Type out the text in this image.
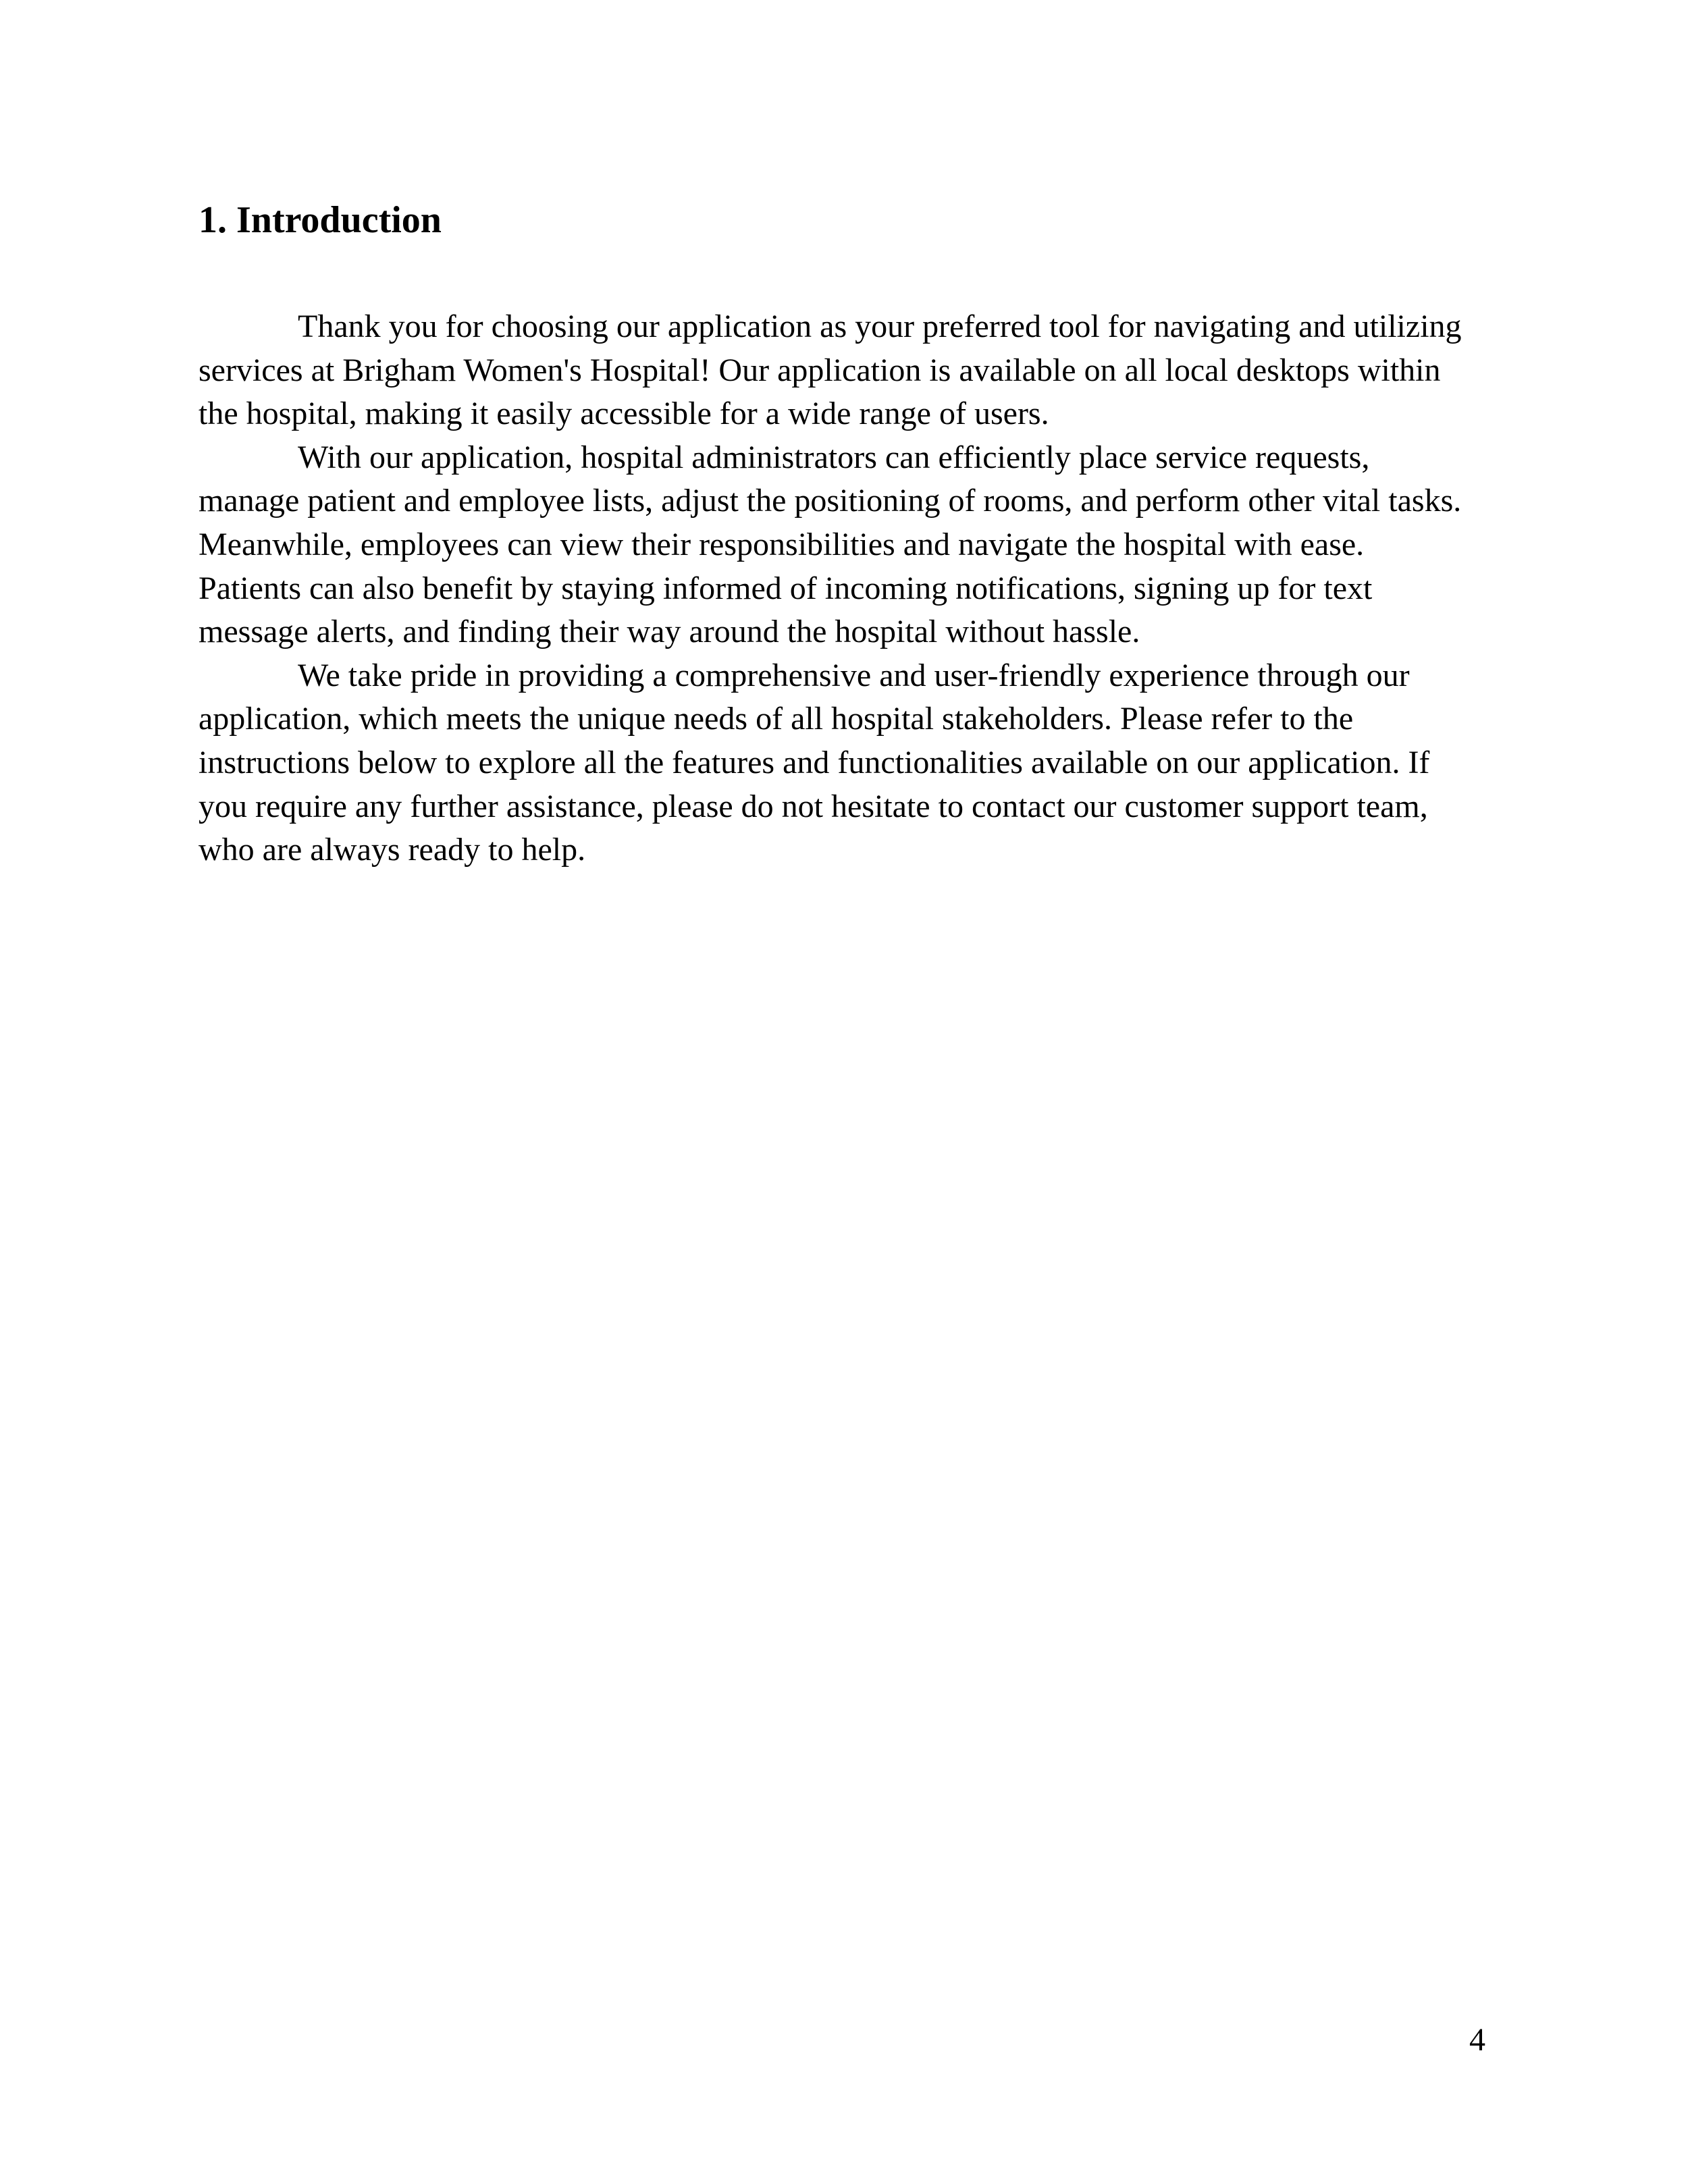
1. Introduction
Thank you for choosing our application as your preferred tool for navigating and utilizing
services at Brigham Women's Hospital! Our application is available on all local desktops within
the hospital, making it easily accessible for a wide range of users.
With our application, hospital administrators can efficiently place service requests,
manage patient and employee lists, adjust the positioning of rooms, and perform other vital tasks.
Meanwhile, employees can view their responsibilities and navigate the hospital with ease.
Patients can also benefit by staying informed of incoming notifications, signing up for text
message alerts, and finding their way around the hospital without hassle.
We take pride in providing a comprehensive and user-friendly experience through our
application, which meets the unique needs of all hospital stakeholders. Please refer to the
instructions below to explore all the features and functionalities available on our application. If
you require any further assistance, please do not hesitate to contact our customer support team,
who are always ready to help.
4
